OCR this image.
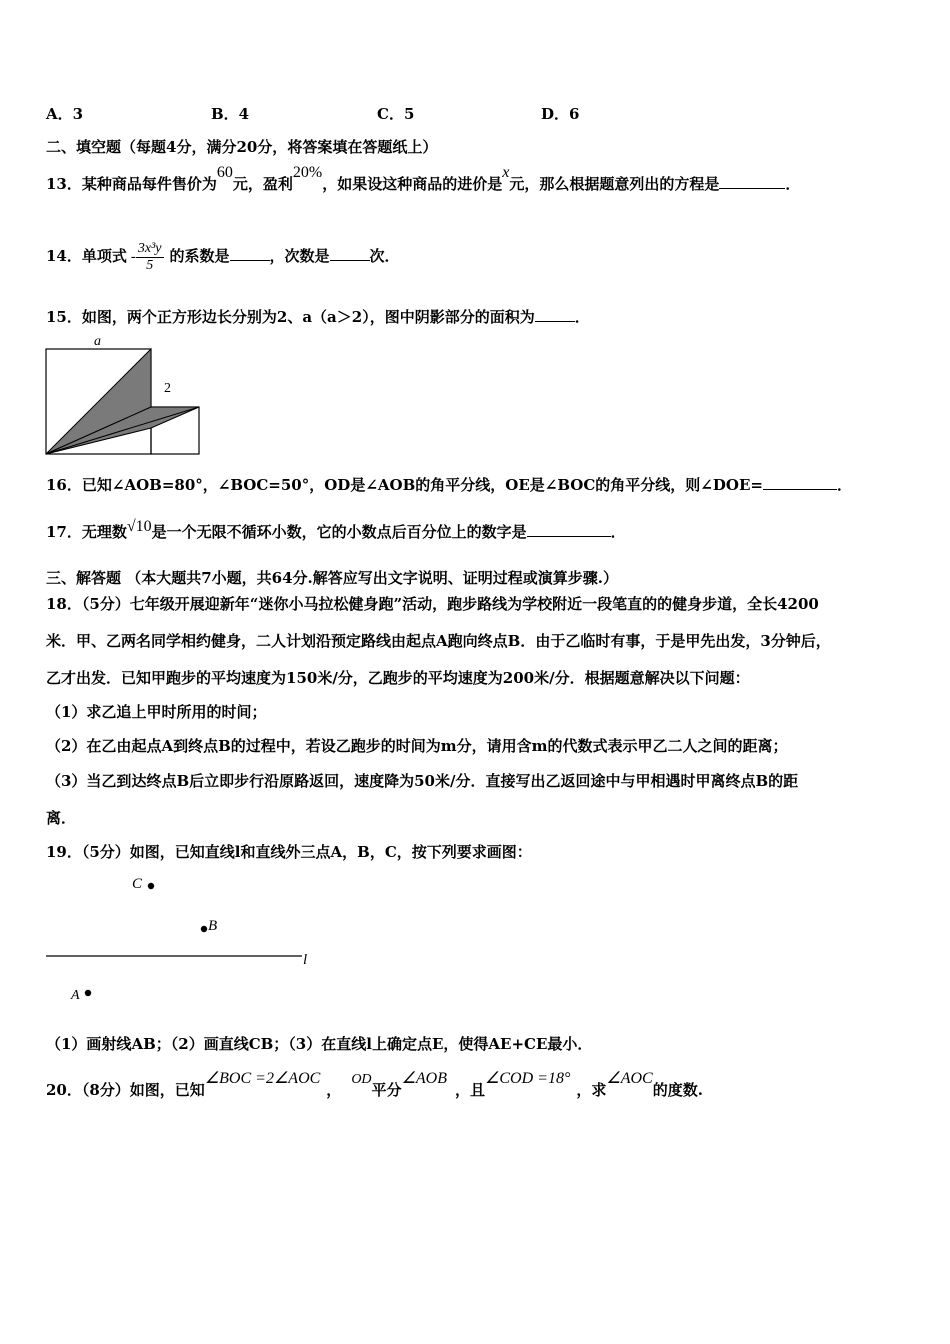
A．3	B．4	C．5	D．6
二、填空题（每题4分，满分20分，将答案填在答题纸上）
13．某种商品每件售价为60元，盈利20%，如果设这种商品的进价是x元，那么根据题意列出的方程是	．
14．单项式 - $\frac{\text{3x³y}}{5}$ 的系数是	，次数是	次．
15．如图，两个正方形边长分别为2、a（a＞2），图中阴影部分的面积为	．
a
2
16．已知∠AOB=80°，∠BOC=50°，OD是∠AOB的角平分线，OE是∠BOC的角平分线，则∠DOE=	．
17．无理数√10是一个无限不循环小数，它的小数点后百分位上的数字是	．
三、解答题 （本大题共7小题，共64分.解答应写出文字说明、证明过程或演算步骤.）
18．（5分）七年级开展迎新年“迷你小马拉松健身跑”活动，跑步路线为学校附近一段笔直的的健身步道，全长4200
米．甲、乙两名同学相约健身，二人计划沿预定路线由起点A跑向终点B．由于乙临时有事，于是甲先出发，3分钟后，
乙才出发．已知甲跑步的平均速度为150米/分，乙跑步的平均速度为200米/分．根据题意解决以下问题：
（1）求乙追上甲时所用的时间；
（2）在乙由起点A到终点B的过程中，若设乙跑步的时间为m分，请用含m的代数式表示甲乙二人之间的距离；
（3）当乙到达终点B后立即步行沿原路返回，速度降为50米/分．直接写出乙返回途中与甲相遇时甲离终点B的距
离．
19．（5分）如图，已知直线l和直线外三点A，B，C，按下列要求画图：
C
B
l
A
（1）画射线AB；（2）画直线CB；（3）在直线l上确定点E，使得AE+CE最小．
20．（8分）如图，已知∠BOC =2∠AOC，OD平分∠AOB，且∠COD =18°，求∠AOC的度数.
